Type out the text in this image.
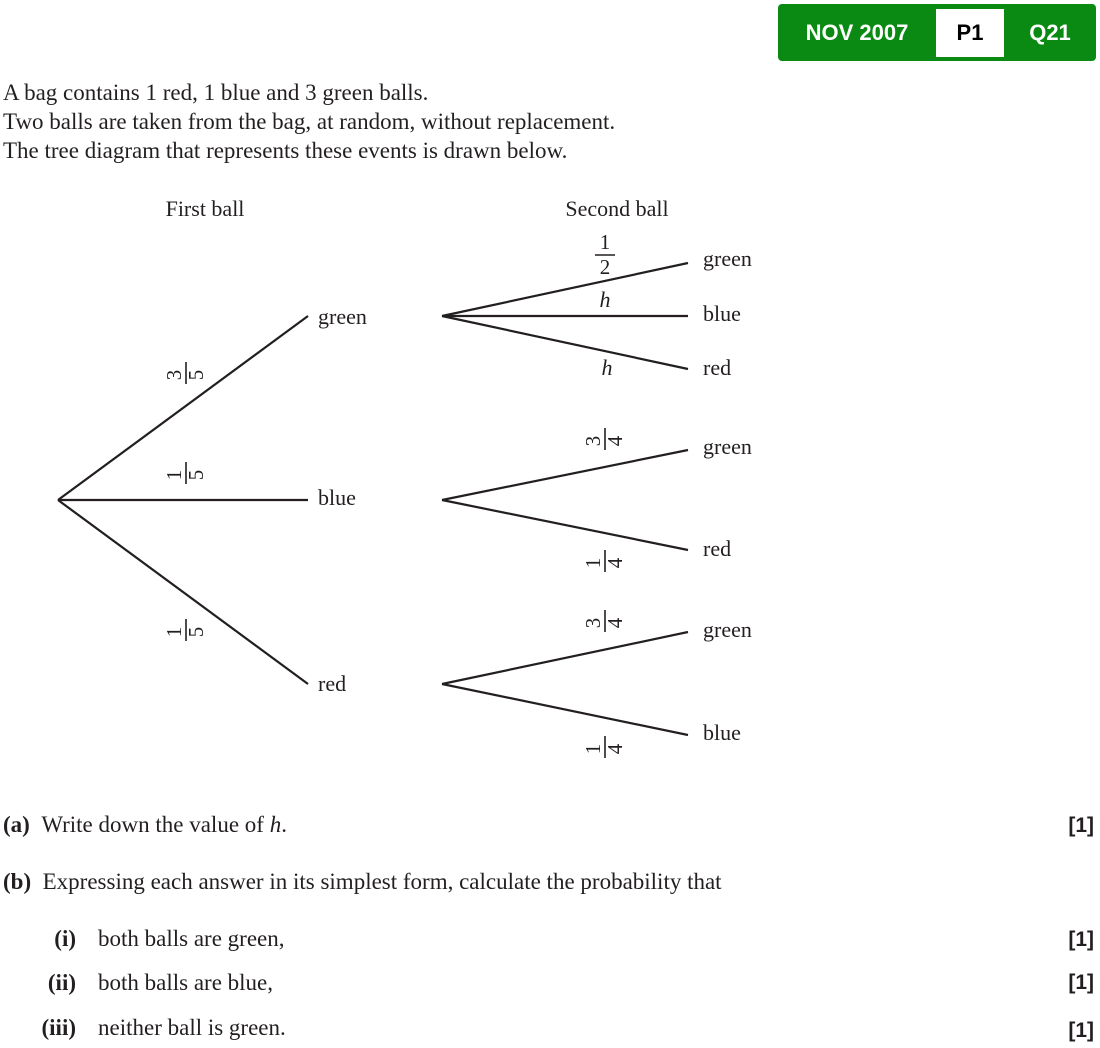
NOV 2007	P1	Q21
A bag contains 1 red, 1 blue and 3 green balls.
Two balls are taken from the bag, at random, without replacement.
The tree diagram that represents these events is drawn below.
First ball	Second ball
green
blue
red
3
5
1
5
1
5
1
2
h
h
3
4
1
4
3
4
1
4
green
blue
red
green
red
green
blue
(a) Write down the value of h.	[1]
(b) Expressing each answer in its simplest form, calculate the probability that
(i) both balls are green,	[1]
(ii) both balls are blue,	[1]
(iii) neither ball is green.	[1]
